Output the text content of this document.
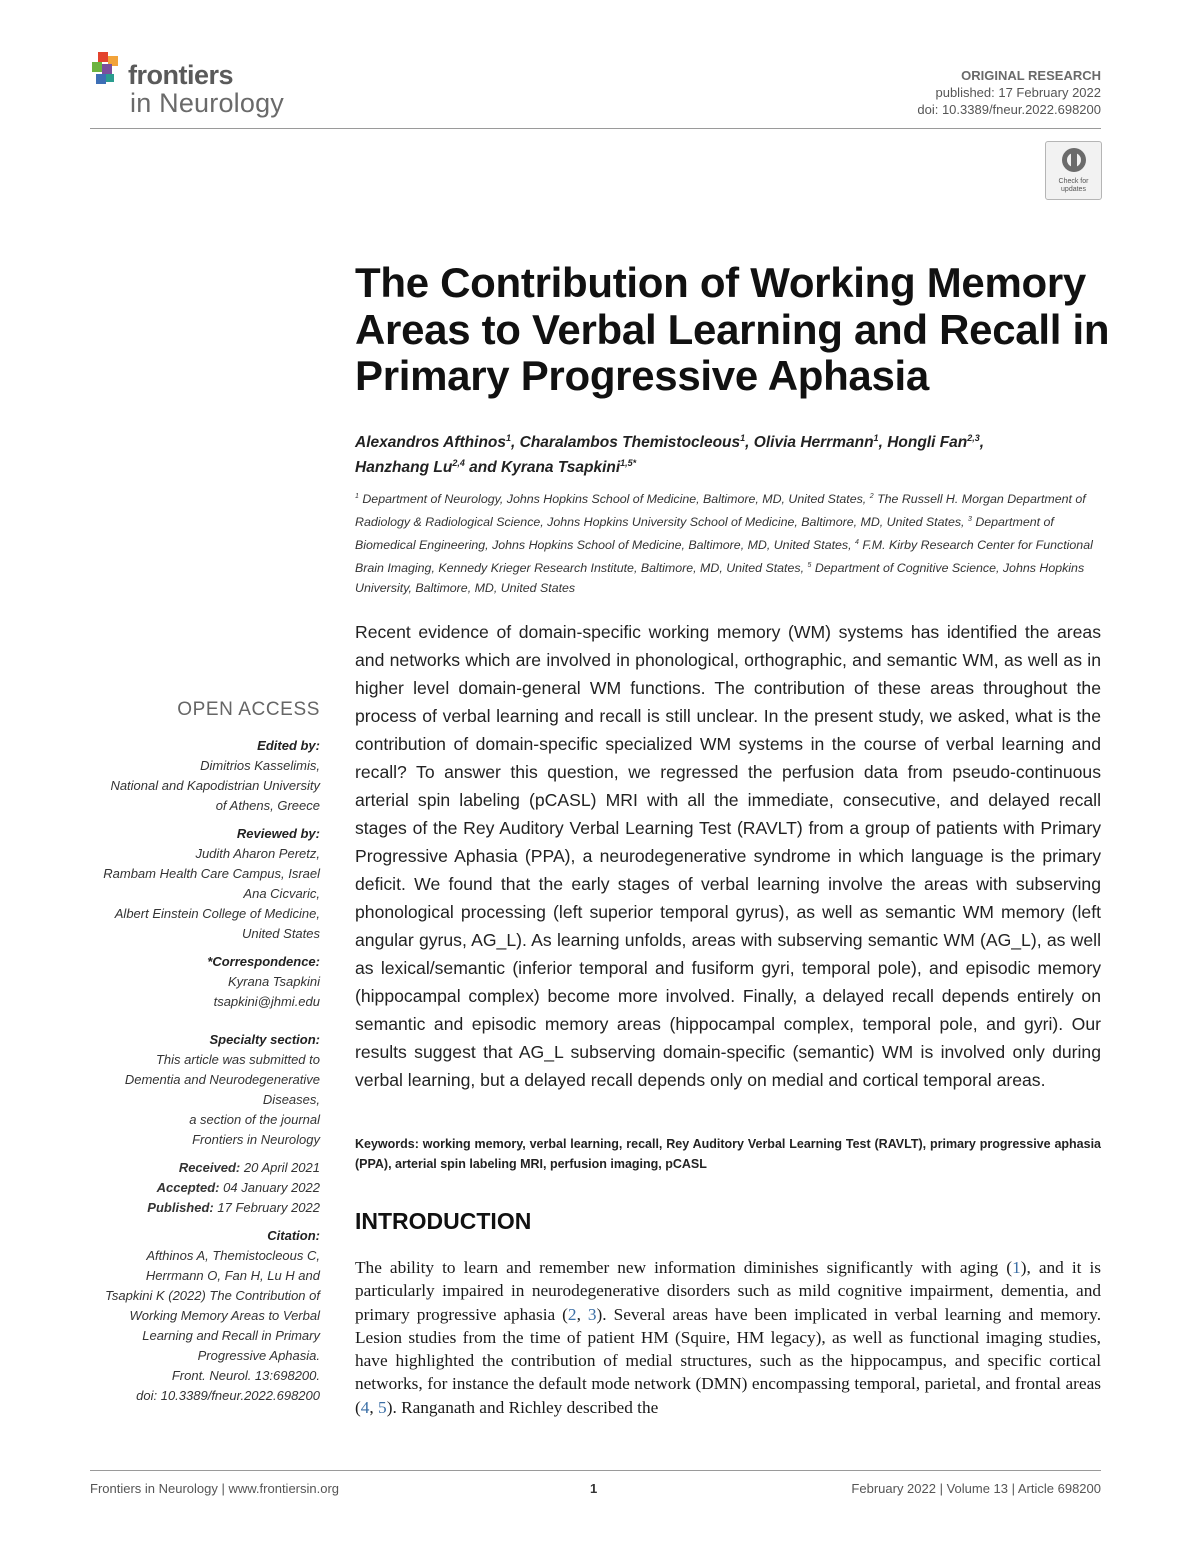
frontiers
in Neurology
ORIGINAL RESEARCH
published: 17 February 2022
doi: 10.3389/fneur.2022.698200
Check for updates
The Contribution of Working Memory Areas to Verbal Learning and Recall in Primary Progressive Aphasia
Alexandros Afthinos$^1$, Charalambos Themistocleous$^1$, Olivia Herrmann$^1$, Hongli Fan$^{2,3}$,
Hanzhang Lu$^{2,4}$ and Kyrana Tsapkini$^{1,5*}$
$^1$ Department of Neurology, Johns Hopkins School of Medicine, Baltimore, MD, United States, $^2$ The Russell H. Morgan Department of Radiology & Radiological Science, Johns Hopkins University School of Medicine, Baltimore, MD, United States, $^3$ Department of Biomedical Engineering, Johns Hopkins School of Medicine, Baltimore, MD, United States, $^4$ F.M. Kirby Research Center for Functional Brain Imaging, Kennedy Krieger Research Institute, Baltimore, MD, United States, $^5$ Department of Cognitive Science, Johns Hopkins University, Baltimore, MD, United States
Recent evidence of domain-specific working memory (WM) systems has identified the areas and networks which are involved in phonological, orthographic, and semantic WM, as well as in higher level domain-general WM functions. The contribution of these areas throughout the process of verbal learning and recall is still unclear. In the present study, we asked, what is the contribution of domain-specific specialized WM systems in the course of verbal learning and recall? To answer this question, we regressed the perfusion data from pseudo-continuous arterial spin labeling (pCASL) MRI with all the immediate, consecutive, and delayed recall stages of the Rey Auditory Verbal Learning Test (RAVLT) from a group of patients with Primary Progressive Aphasia (PPA), a neurodegenerative syndrome in which language is the primary deficit. We found that the early stages of verbal learning involve the areas with subserving phonological processing (left superior temporal gyrus), as well as semantic WM memory (left angular gyrus, AG_L). As learning unfolds, areas with subserving semantic WM (AG_L), as well as lexical/semantic (inferior temporal and fusiform gyri, temporal pole), and episodic memory (hippocampal complex) become more involved. Finally, a delayed recall depends entirely on semantic and episodic memory areas (hippocampal complex, temporal pole, and gyri). Our results suggest that AG_L subserving domain-specific (semantic) WM is involved only during verbal learning, but a delayed recall depends only on medial and cortical temporal areas.
Keywords: working memory, verbal learning, recall, Rey Auditory Verbal Learning Test (RAVLT), primary progressive aphasia (PPA), arterial spin labeling MRI, perfusion imaging, pCASL
INTRODUCTION
The ability to learn and remember new information diminishes significantly with aging (1), and it is particularly impaired in neurodegenerative disorders such as mild cognitive impairment, dementia, and primary progressive aphasia (2, 3). Several areas have been implicated in verbal learning and memory. Lesion studies from the time of patient HM (Squire, HM legacy), as well as functional imaging studies, have highlighted the contribution of medial structures, such as the hippocampus, and specific cortical networks, for instance the default mode network (DMN) encompassing temporal, parietal, and frontal areas (4, 5). Ranganath and Richley described the
OPEN ACCESS
Edited by:
Dimitrios Kasselimis,
National and Kapodistrian University
of Athens, Greece
Reviewed by:
Judith Aharon Peretz,
Rambam Health Care Campus, Israel
Ana Cicvaric,
Albert Einstein College of Medicine,
United States
*Correspondence:
Kyrana Tsapkini
tsapkini@jhmi.edu
Specialty section:
This article was submitted to
Dementia and Neurodegenerative
Diseases,
a section of the journal
Frontiers in Neurology
Received: 20 April 2021
Accepted: 04 January 2022
Published: 17 February 2022
Citation:
Afthinos A, Themistocleous C,
Herrmann O, Fan H, Lu H and
Tsapkini K (2022) The Contribution of
Working Memory Areas to Verbal
Learning and Recall in Primary
Progressive Aphasia.
Front. Neurol. 13:698200.
doi: 10.3389/fneur.2022.698200
Frontiers in Neurology | www.frontiersin.org	1	February 2022 | Volume 13 | Article 698200
